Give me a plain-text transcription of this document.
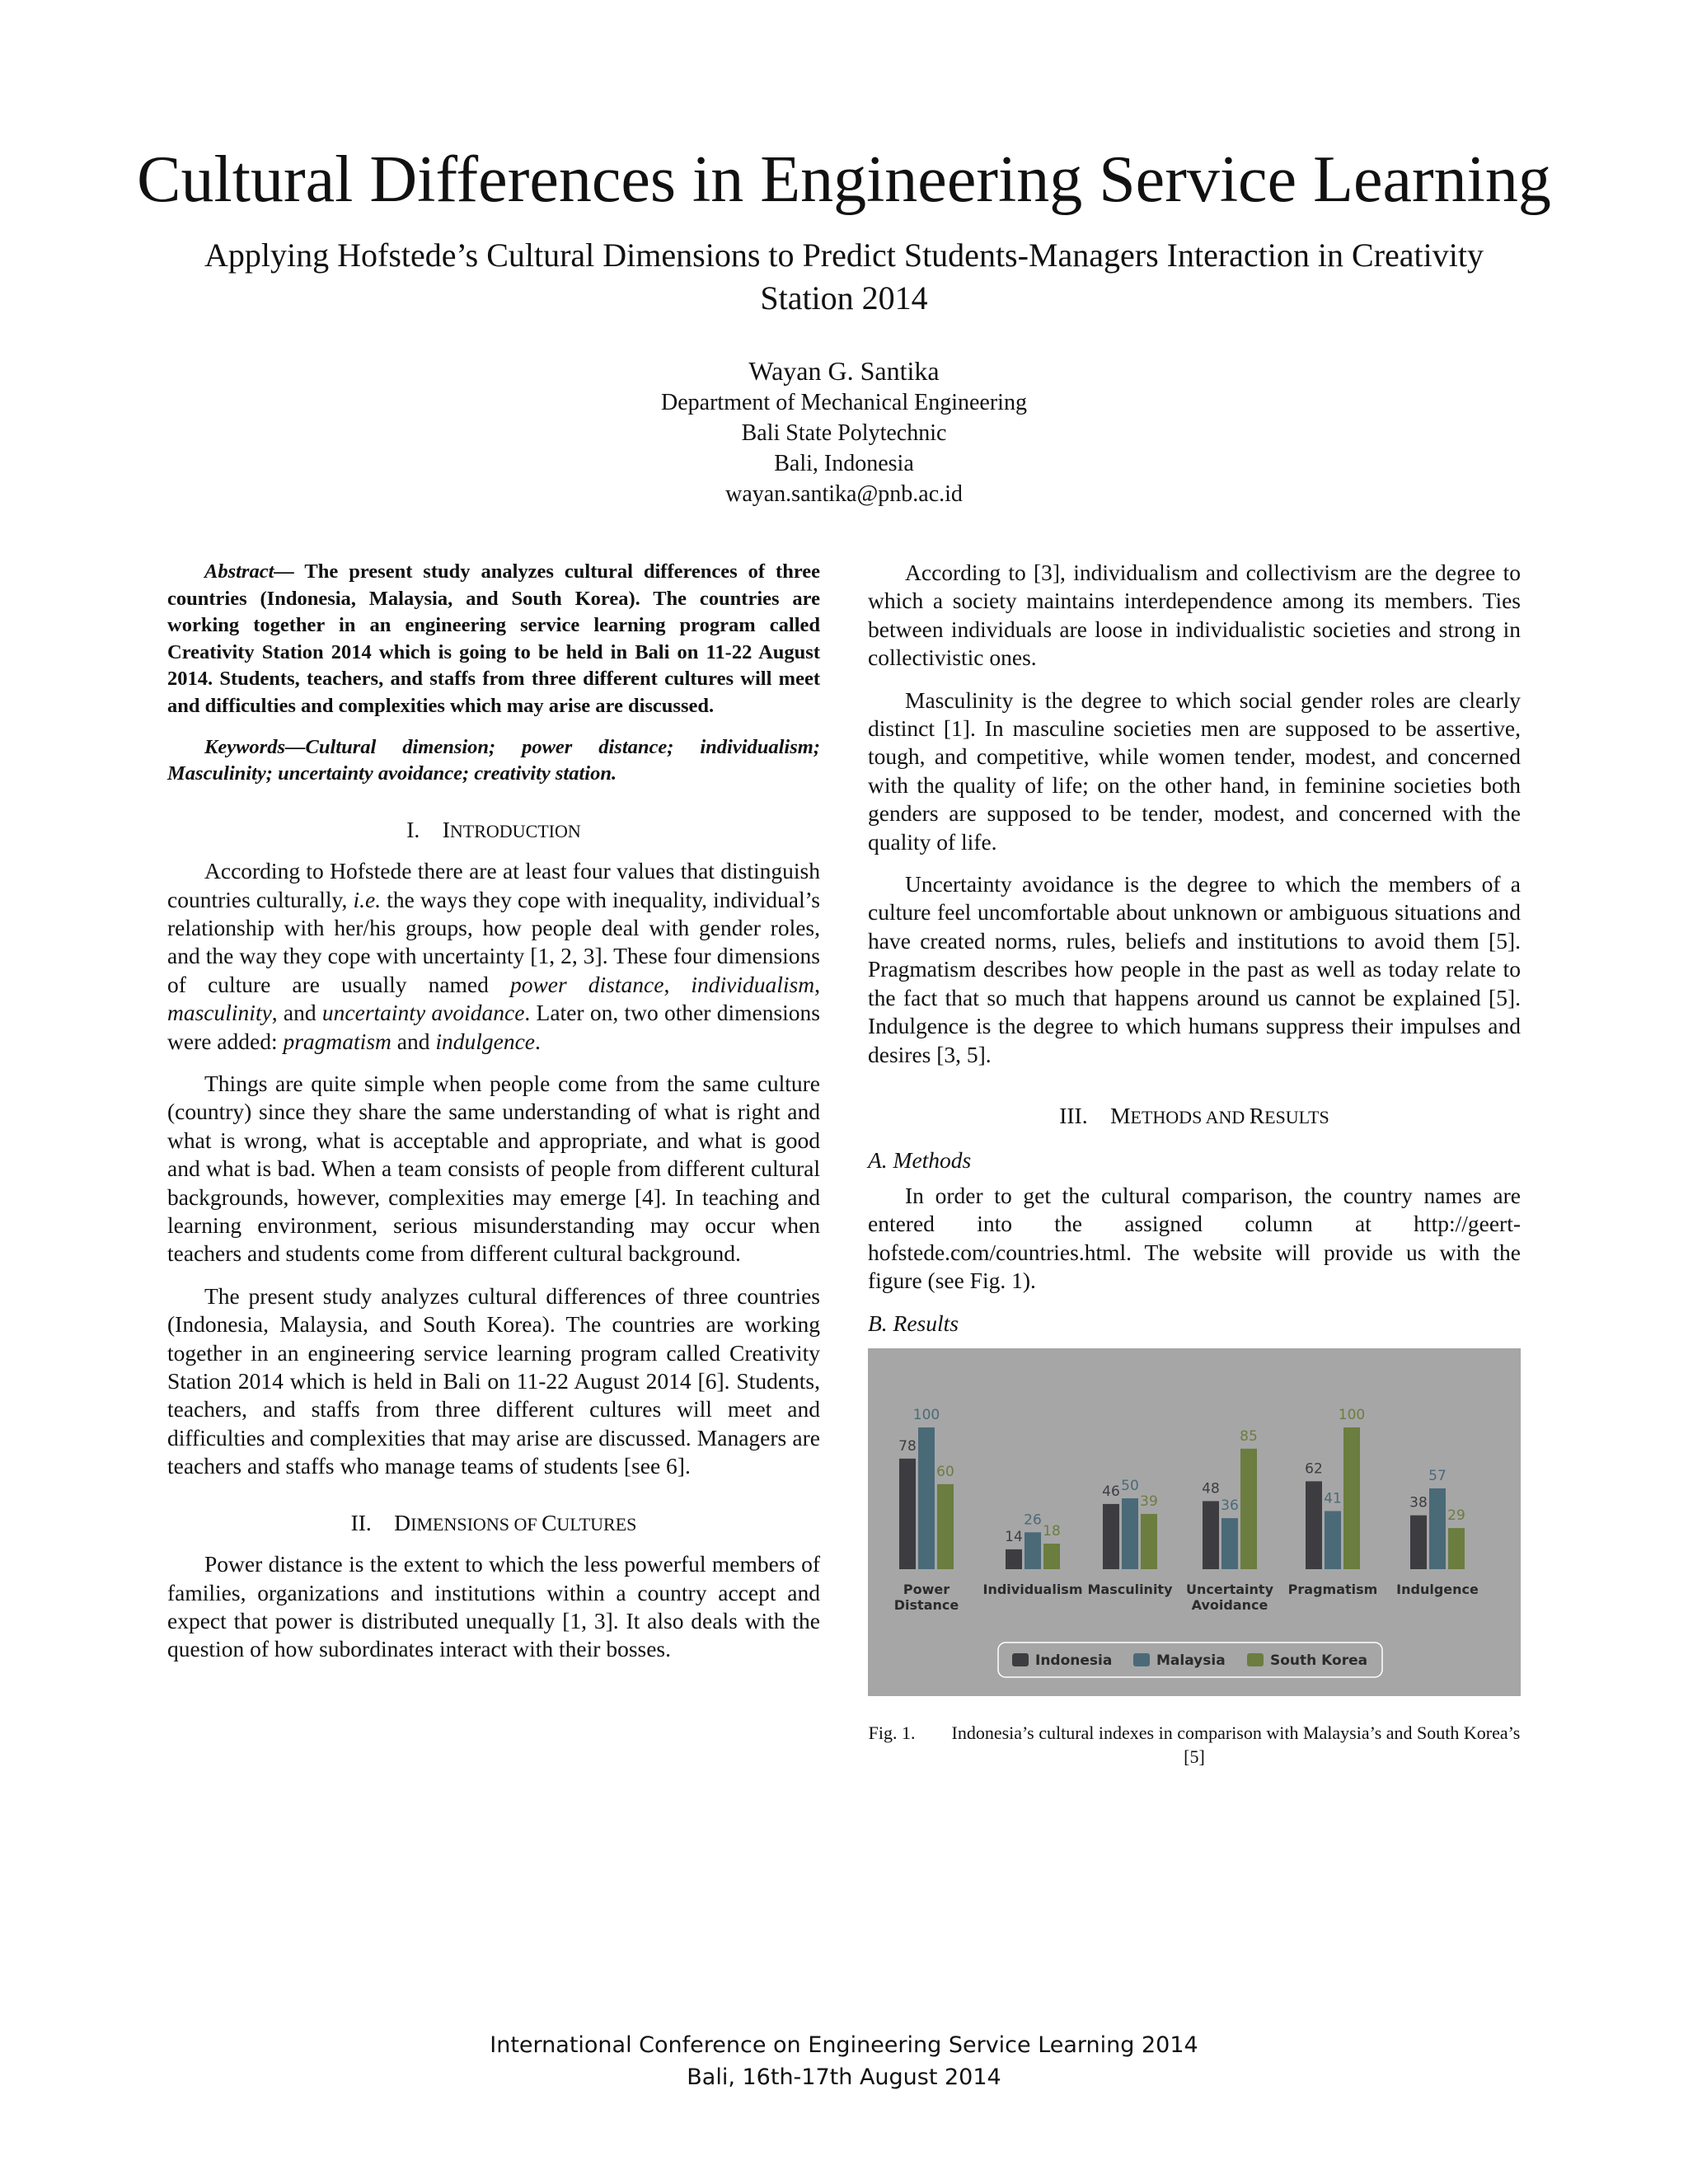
Cultural Differences in Engineering Service Learning
Applying Hofstede’s Cultural Dimensions to Predict Students-Managers Interaction in Creativity Station 2014
Wayan G. Santika
Department of Mechanical Engineering
Bali State Polytechnic
Bali, Indonesia
wayan.santika@pnb.ac.id

Abstract— The present study analyzes cultural differences of three countries (Indonesia, Malaysia, and South Korea). The countries are working together in an engineering service learning program called Creativity Station 2014 which is going to be held in Bali on 11-22 August 2014. Students, teachers, and staffs from three different cultures will meet and difficulties and complexities which may arise are discussed.

Keywords—Cultural dimension; power distance; individualism; Masculinity; uncertainty avoidance; creativity station.

I. INTRODUCTION

According to Hofstede there are at least four values that distinguish countries culturally, i.e. the ways they cope with inequality, individual’s relationship with her/his groups, how people deal with gender roles, and the way they cope with uncertainty [1, 2, 3]. These four dimensions of culture are usually named power distance, individualism, masculinity, and uncertainty avoidance. Later on, two other dimensions were added: pragmatism and indulgence.

Things are quite simple when people come from the same culture (country) since they share the same understanding of what is right and what is wrong, what is acceptable and appropriate, and what is good and what is bad. When a team consists of people from different cultural backgrounds, however, complexities may emerge [4]. In teaching and learning environment, serious misunderstanding may occur when teachers and students come from different cultural background.

The present study analyzes cultural differences of three countries (Indonesia, Malaysia, and South Korea). The countries are working together in an engineering service learning program called Creativity Station 2014 which is held in Bali on 11-22 August 2014 [6]. Students, teachers, and staffs from three different cultures will meet and difficulties and complexities that may arise are discussed. Managers are teachers and staffs who manage teams of students [see 6].

II. DIMENSIONS OF CULTURES

Power distance is the extent to which the less powerful members of families, organizations and institutions within a country accept and expect that power is distributed unequally [1, 3]. It also deals with the question of how subordinates interact with their bosses.

According to [3], individualism and collectivism are the degree to which a society maintains interdependence among its members. Ties between individuals are loose in individualistic societies and strong in collectivistic ones.

Masculinity is the degree to which social gender roles are clearly distinct [1]. In masculine societies men are supposed to be assertive, tough, and competitive, while women tender, modest, and concerned with the quality of life; on the other hand, in feminine societies both genders are supposed to be tender, modest, and concerned with the quality of life.

Uncertainty avoidance is the degree to which the members of a culture feel uncomfortable about unknown or ambiguous situations and have created norms, rules, beliefs and institutions to avoid them [5]. Pragmatism describes how people in the past as well as today relate to the fact that so much that happens around us cannot be explained [5]. Indulgence is the degree to which humans suppress their impulses and desires [3, 5].

III. METHODS AND RESULTS
A. Methods

In order to get the cultural comparison, the country names are entered into the assigned column at http://geert-hofstede.com/countries.html. The website will provide us with the figure (see Fig. 1).

B. Results
78
100
60
Power
Distance
14
26
18
Individualism
46 50
39
Masculinity
48
36
85
Uncertainty
Avoidance
62
41
100
Pragmatism
38
57
29
Indulgence
Indonesia	Malaysia	South Korea
Fig. 1. Indonesia’s cultural indexes in comparison with Malaysia’s and South Korea’s [5]
International Conference on Engineering Service Learning 2014
Bali, 16th-17th August 2014
